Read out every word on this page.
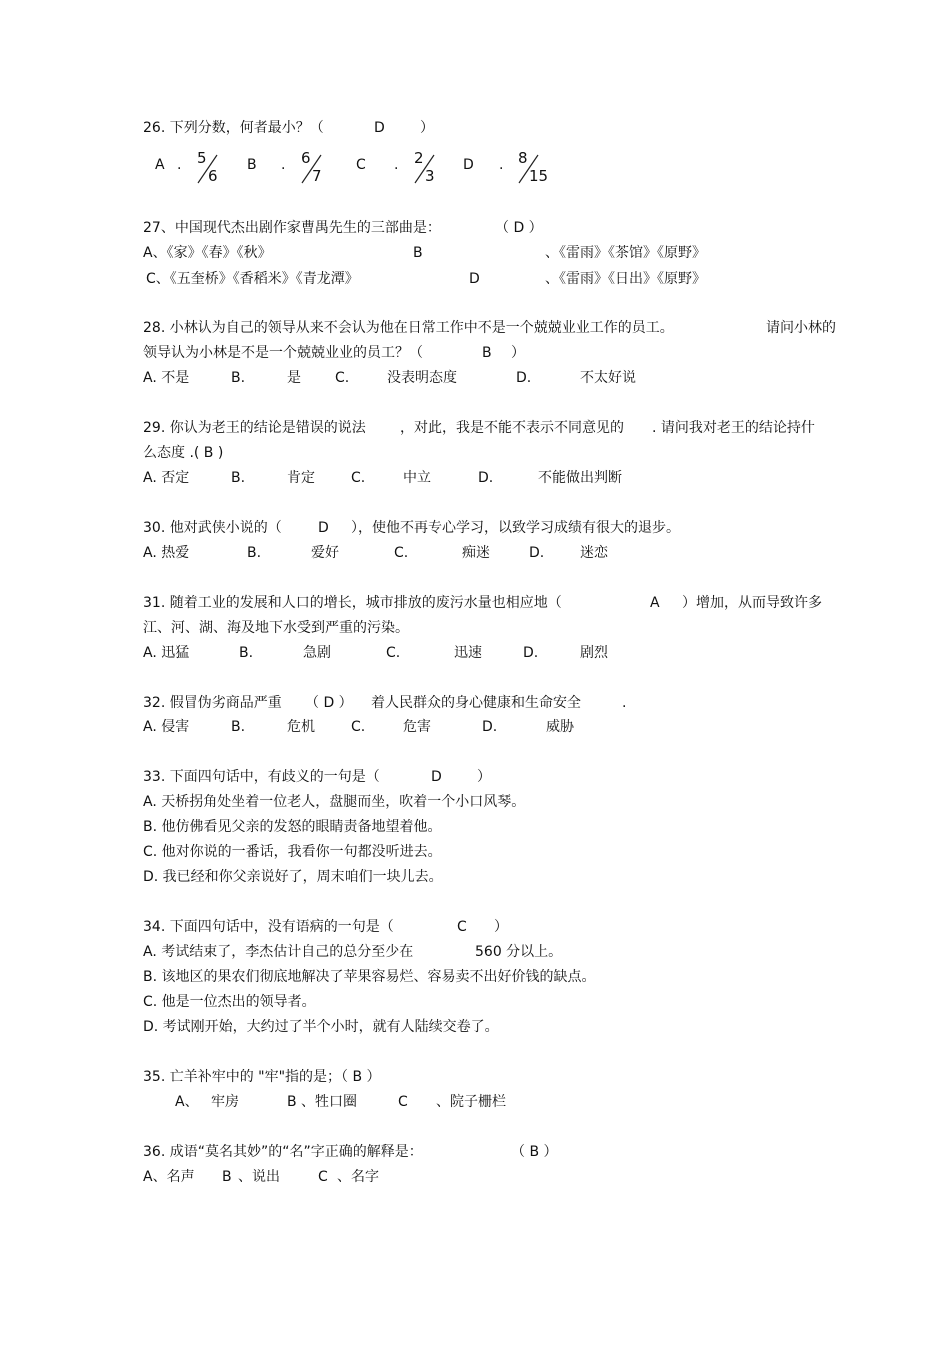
26. 下列分数，何者最小？（	D	）
A . 5
6
B . 6
7
C . 2
3
D . 8
15
27、中国现代杰出剧作家曹禺先生的三部曲是：	（ D ）
A、《家》《春》《秋》	B	、《雷雨》《茶馆》《原野》
C、《五奎桥》《香稻米》《青龙潭》	D	、《雷雨》《日出》《原野》
28. 小林认为自己的领导从来不会认为他在日常工作中不是一个兢兢业业工作的员工。	请问小林的
领导认为小林是不是一个兢兢业业的员工？（	B ）
A. 不是	B.	是 C.	没表明态度	D.	不太好说
29. 你认为老王的结论是错误的说法 ，对此，我是不能不表示不同意见的 . 请问我对老王的结论持什
么态度 .( B )
A. 否定	B.	肯定	C.	中立	D.	不能做出判断
30. 他对武侠小说的（	D ），使他不再专心学习，以致学习成绩有很大的退步。
A. 热爱	B.	爱好	C.	痴迷	D.	迷恋
31. 随着工业的发展和人口的增长，城市排放的废污水量也相应地（	A ）增加，从而导致许多
江、河、湖、海及地下水受到严重的污染。
A. 迅猛	B.	急剧	C.	迅速	D.	剧烈
32. 假冒伪劣商品严重 （ D ） 着人民群众的身心健康和生命安全	.
A. 侵害	B.	危机	C.	危害	D.	威胁
33. 下面四句话中，有歧义的一句是（	D	）
A. 天桥拐角处坐着一位老人，盘腿而坐，吹着一个小口风琴。
B. 他仿佛看见父亲的发怒的眼睛责备地望着他。
C. 他对你说的一番话，我看你一句都没听进去。
D. 我已经和你父亲说好了，周末咱们一块儿去。
34. 下面四句话中，没有语病的一句是（	C ）
A. 考试结束了，李杰估计自己的总分至少在	560 分以上。
B. 该地区的果农们彻底地解决了苹果容易烂、容易卖不出好价钱的缺点。
C. 他是一位杰出的领导者。
D. 考试刚开始，大约过了半个小时，就有人陆续交卷了。
35. 亡羊补牢中的 "牢"指的是；（ B ）
A、 牢房	B 、牲口圈	C 、院子栅栏
36. 成语“莫名其妙”的“名”字正确的解释是：	（ B ）
A、名声 B 、说出	C 、名字
